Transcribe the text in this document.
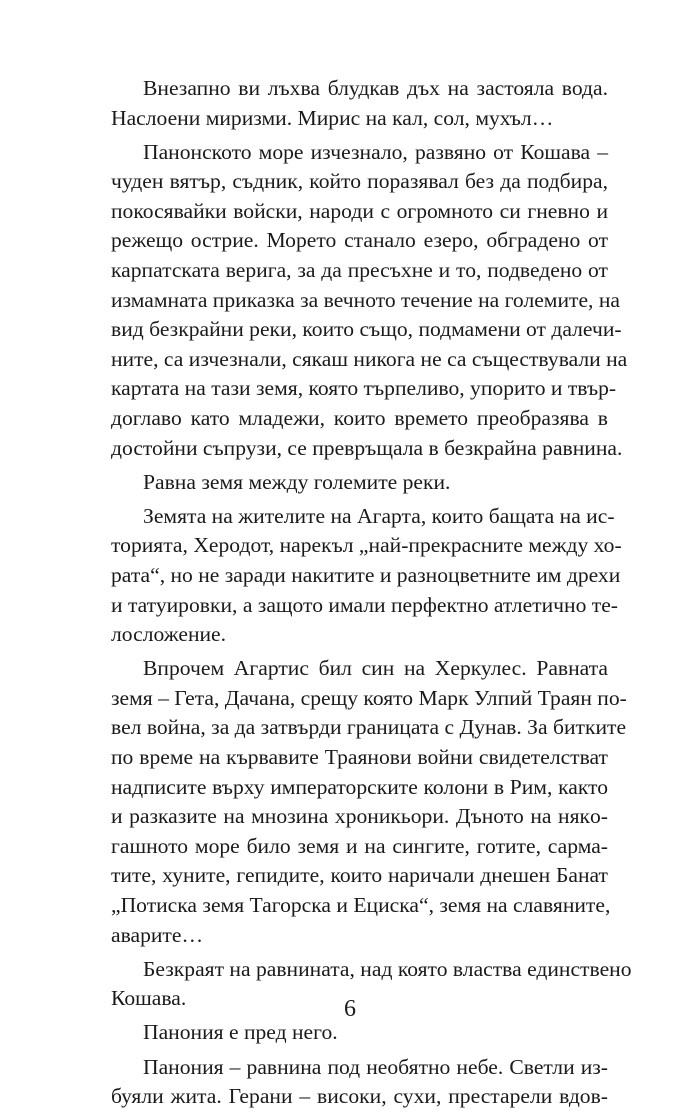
Внезапно ви лъхва блудкав дъх на застояла вода.
Наслоени миризми. Мирис на кал, сол, мухъл…

Панонското море изчезнало, развяно от Кошава –
чуден вятър, съдник, който поразявал без да подбира,
покосявайки войски, народи с огромното си гневно и
режещо острие. Морето станало езеро, обградено от
карпатската верига, за да пресъхне и то, подведено от
измамната приказка за вечното течение на големите, на
вид безкрайни реки, които също, подмамени от далечи-
ните, са изчезнали, сякаш никога не са съществували на
картата на тази земя, която търпеливо, упорито и твър-
доглаво като младежи, които времето преобразява в
достойни съпрузи, се превръщала в безкрайна равнина.

Равна земя между големите реки.

Земята на жителите на Агарта, които бащата на ис-
торията, Херодот, нарекъл „най-прекрасните между хо-
рата“, но не заради накитите и разноцветните им дрехи
и татуировки, а защото имали перфектно атлетично те-
лосложение.

Впрочем Агартис бил син на Херкулес. Равната
земя – Гета, Дачана, срещу която Марк Улпий Траян по-
вел война, за да затвърди границата с Дунав. За битките
по време на кървавите Траянови войни свидетелстват
надписите върху императорските колони в Рим, както
и разказите на мнозина хроникьори. Дъното на някo-
гашното море било земя и на сингите, готите, сарма-
тите, хуните, гепидите, които наричали днешен Банат
„Потиска земя Тагорска и Ециска“, земя на славяните,
аварите…

Безкраят на равнината, над която властва единствено
Кошава.

Панония е пред него.

Панония – равнина под необятно небе. Светли из-
буяли жита. Герани – високи, сухи, престарели вдов-

6
